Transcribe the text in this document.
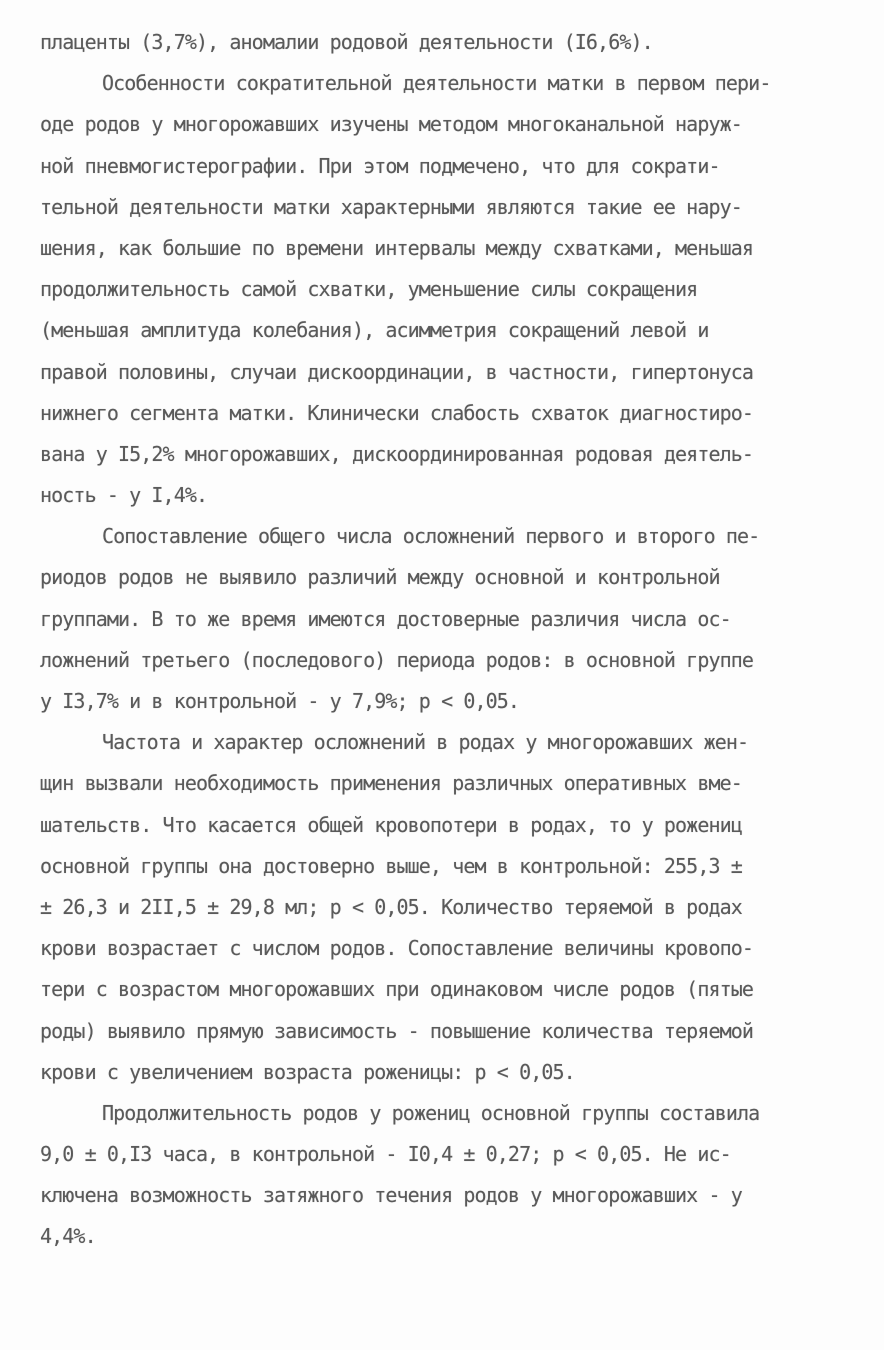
плаценты (3,7%), аномалии родовой деятельности (I6,6%).
Особенности сократительной деятельности матки в первом пери-
оде родов у многорожавших изучены методом многоканальной наруж-
ной пневмогистерографии. При этом подмечено, что для сократи-
тельной деятельности матки характерными являются такие ее нару-
шения, как большие по времени интервалы между схватками, меньшая
продолжительность самой схватки, уменьшение силы сокращения
(меньшая амплитуда колебания), асимметрия сокращений левой и
правой половины, случаи дискоординации, в частности, гипертонуса
нижнего сегмента матки. Клинически слабость схваток диагностиро-
вана у I5,2% многорожавших, дискоординированная родовая деятель-
ность - у I,4%.
Сопоставление общего числа осложнений первого и второго пе-
риодов родов не выявило различий между основной и контрольной
группами. В то же время имеются достоверные различия числа ос-
ложнений третьего (последового) периода родов: в основной группе
у I3,7% и в контрольной - у 7,9%; p < 0,05.
Частота и характер осложнений в родах у многорожавших жен-
щин вызвали необходимость применения различных оперативных вме-
шательств. Что касается общей кровопотери в родах, то у рожениц
основной группы она достоверно выше, чем в контрольной: 255,3 ±
± 26,3 и 2II,5 ± 29,8 мл; p < 0,05. Количество теряемой в родах
крови возрастает с числом родов. Сопоставление величины кровопо-
тери с возрастом многорожавших при одинаковом числе родов (пятые
роды) выявило прямую зависимость - повышение количества теряемой
крови с увеличением возраста роженицы: p < 0,05.
Продолжительность родов у рожениц основной группы составила
9,0 ± 0,I3 часа, в контрольной - I0,4 ± 0,27; p < 0,05. Не ис-
ключена возможность затяжного течения родов у многорожавших - у
4,4%.
